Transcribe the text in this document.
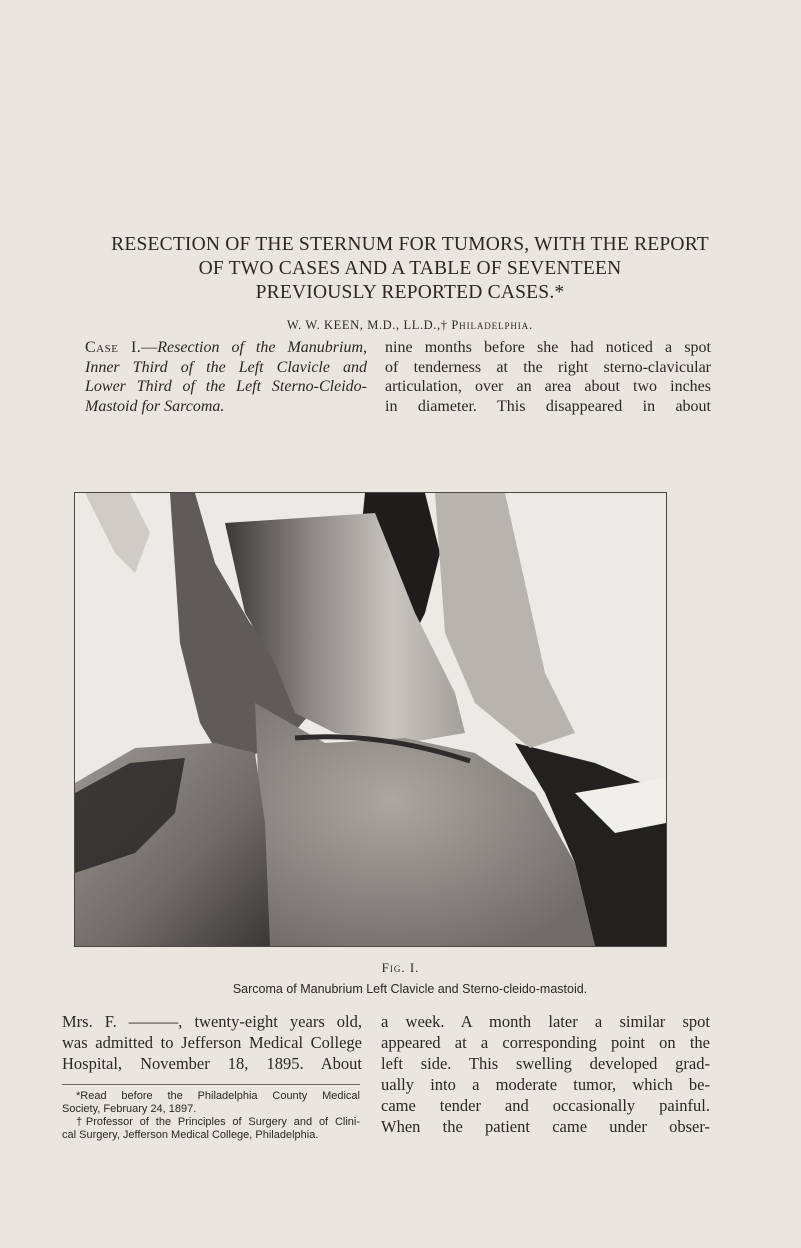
RESECTION OF THE STERNUM FOR TUMORS, WITH THE REPORT
OF TWO CASES AND A TABLE OF SEVENTEEN
PREVIOUSLY REPORTED CASES.*
W. W. KEEN, M.D., LL.D.,† Philadelphia.
Case I.—Resection of the Manubrium,
Inner Third of the Left Clavicle and
Lower Third of the Left Sterno-Cleido-
Mastoid for Sarcoma.
nine months before she had noticed a spot
of tenderness at the right sterno-clavicular
articulation, over an area about two inches
in diameter. This disappeared in about
Fig. I.
Sarcoma of Manubrium Left Clavicle and Sterno-cleido-mastoid.
Mrs. F. ———, twenty-eight years old,
was admitted to Jefferson Medical College
Hospital, November 18, 1895. About
*Read before the Philadelphia County Medical
Society, February 24, 1897.
†Professor of the Principles of Surgery and of Clini-
cal Surgery, Jefferson Medical College, Philadelphia.
a week. A month later a similar spot
appeared at a corresponding point on the
left side. This swelling developed grad-
ually into a moderate tumor, which be-
came tender and occasionally painful.
When the patient came under obser-
